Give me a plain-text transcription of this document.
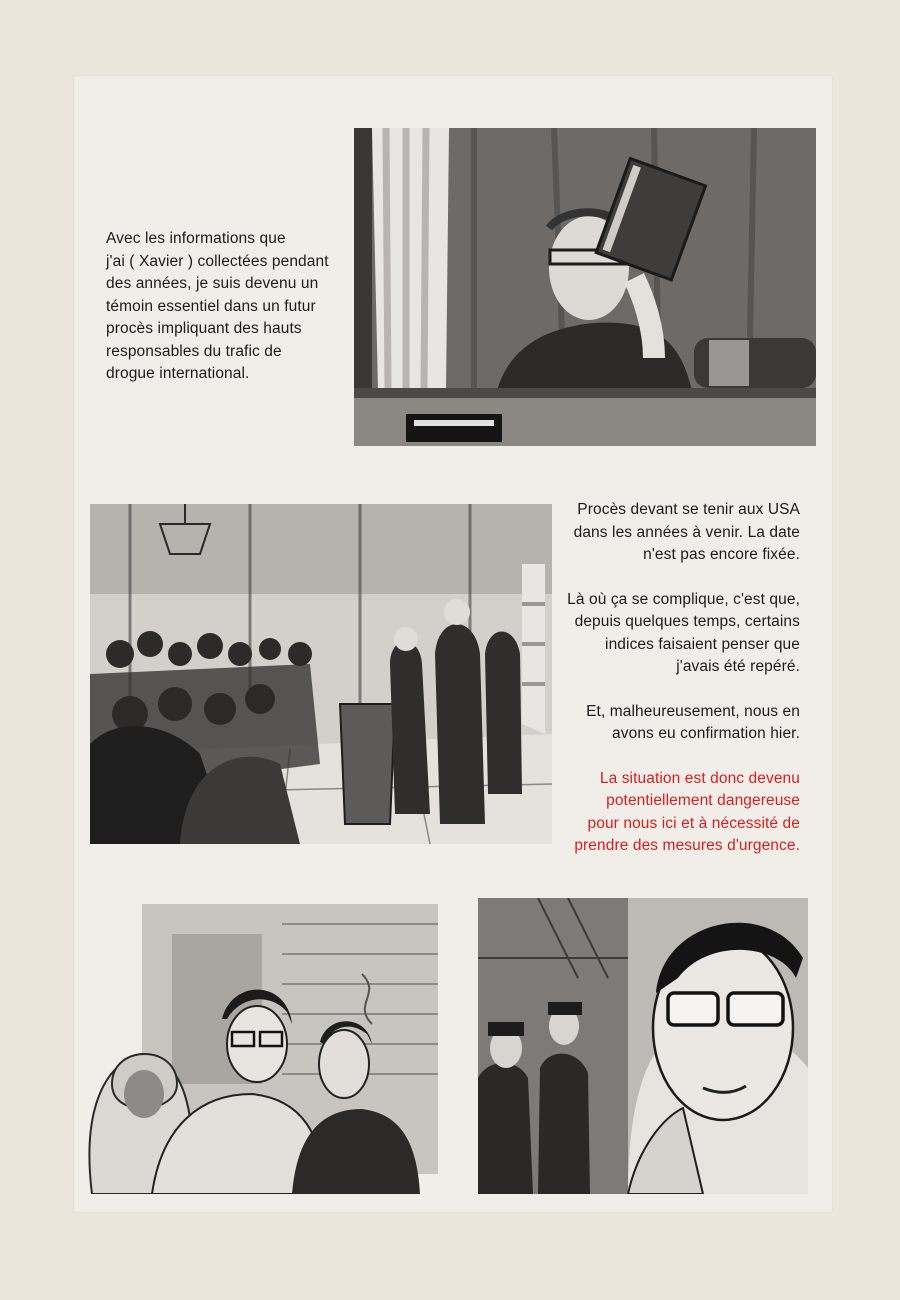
Avec les informations que
j'ai ( Xavier ) collectées pendant
des années, je suis devenu un
témoin essentiel dans un futur
procès impliquant des hauts
responsables du trafic de
drogue international.

Procès devant se tenir aux USA
dans les années à venir. La date
n'est pas encore fixée.

Là où ça se complique, c'est que,
depuis quelques temps, certains
indices faisaient penser que
j'avais été repéré.

Et, malheureusement, nous en
avons eu confirmation hier.

La situation est donc devenu
potentiellement dangereuse
pour nous ici et à nécessité de
prendre des mesures d'urgence.
